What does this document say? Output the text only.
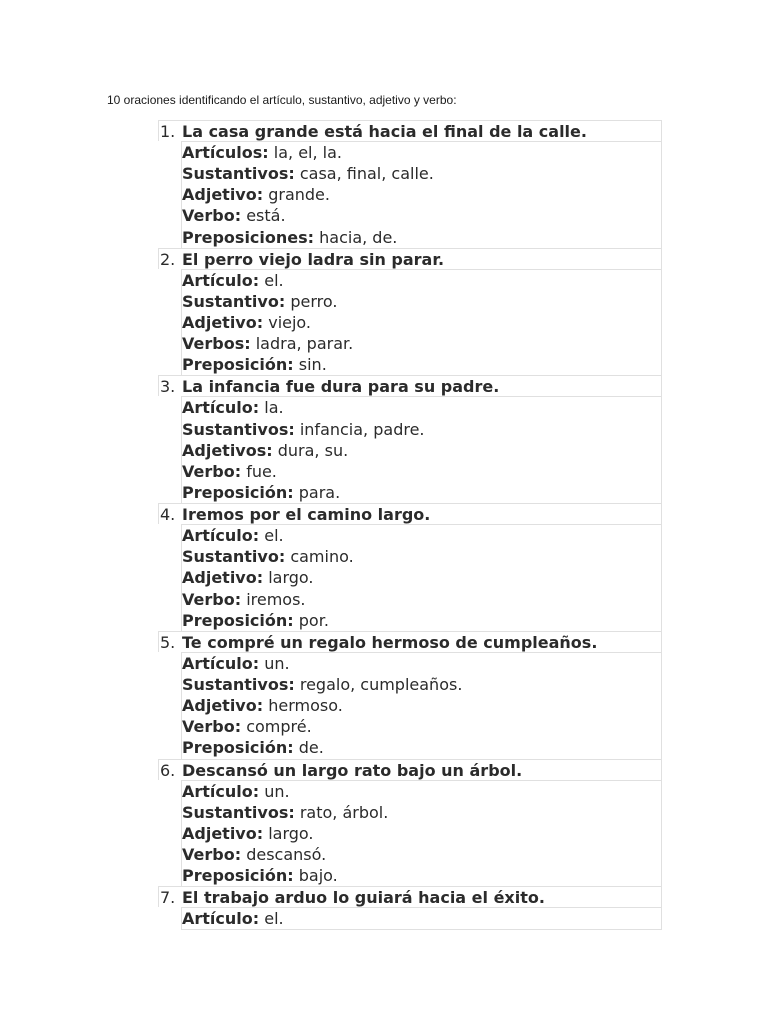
10 oraciones identificando el artículo, sustantivo, adjetivo y verbo:
1. La casa grande está hacia el final de la calle.
Artículos: la, el, la.
Sustantivos: casa, final, calle.
Adjetivo: grande.
Verbo: está.
Preposiciones: hacia, de.
2. El perro viejo ladra sin parar.
Artículo: el.
Sustantivo: perro.
Adjetivo: viejo.
Verbos: ladra, parar.
Preposición: sin.
3. La infancia fue dura para su padre.
Artículo: la.
Sustantivos: infancia, padre.
Adjetivos: dura, su.
Verbo: fue.
Preposición: para.
4. Iremos por el camino largo.
Artículo: el.
Sustantivo: camino.
Adjetivo: largo.
Verbo: iremos.
Preposición: por.
5. Te compré un regalo hermoso de cumpleaños.
Artículo: un.
Sustantivos: regalo, cumpleaños.
Adjetivo: hermoso.
Verbo: compré.
Preposición: de.
6. Descansó un largo rato bajo un árbol.
Artículo: un.
Sustantivos: rato, árbol.
Adjetivo: largo.
Verbo: descansó.
Preposición: bajo.
7. El trabajo arduo lo guiará hacia el éxito.
Artículo: el.
